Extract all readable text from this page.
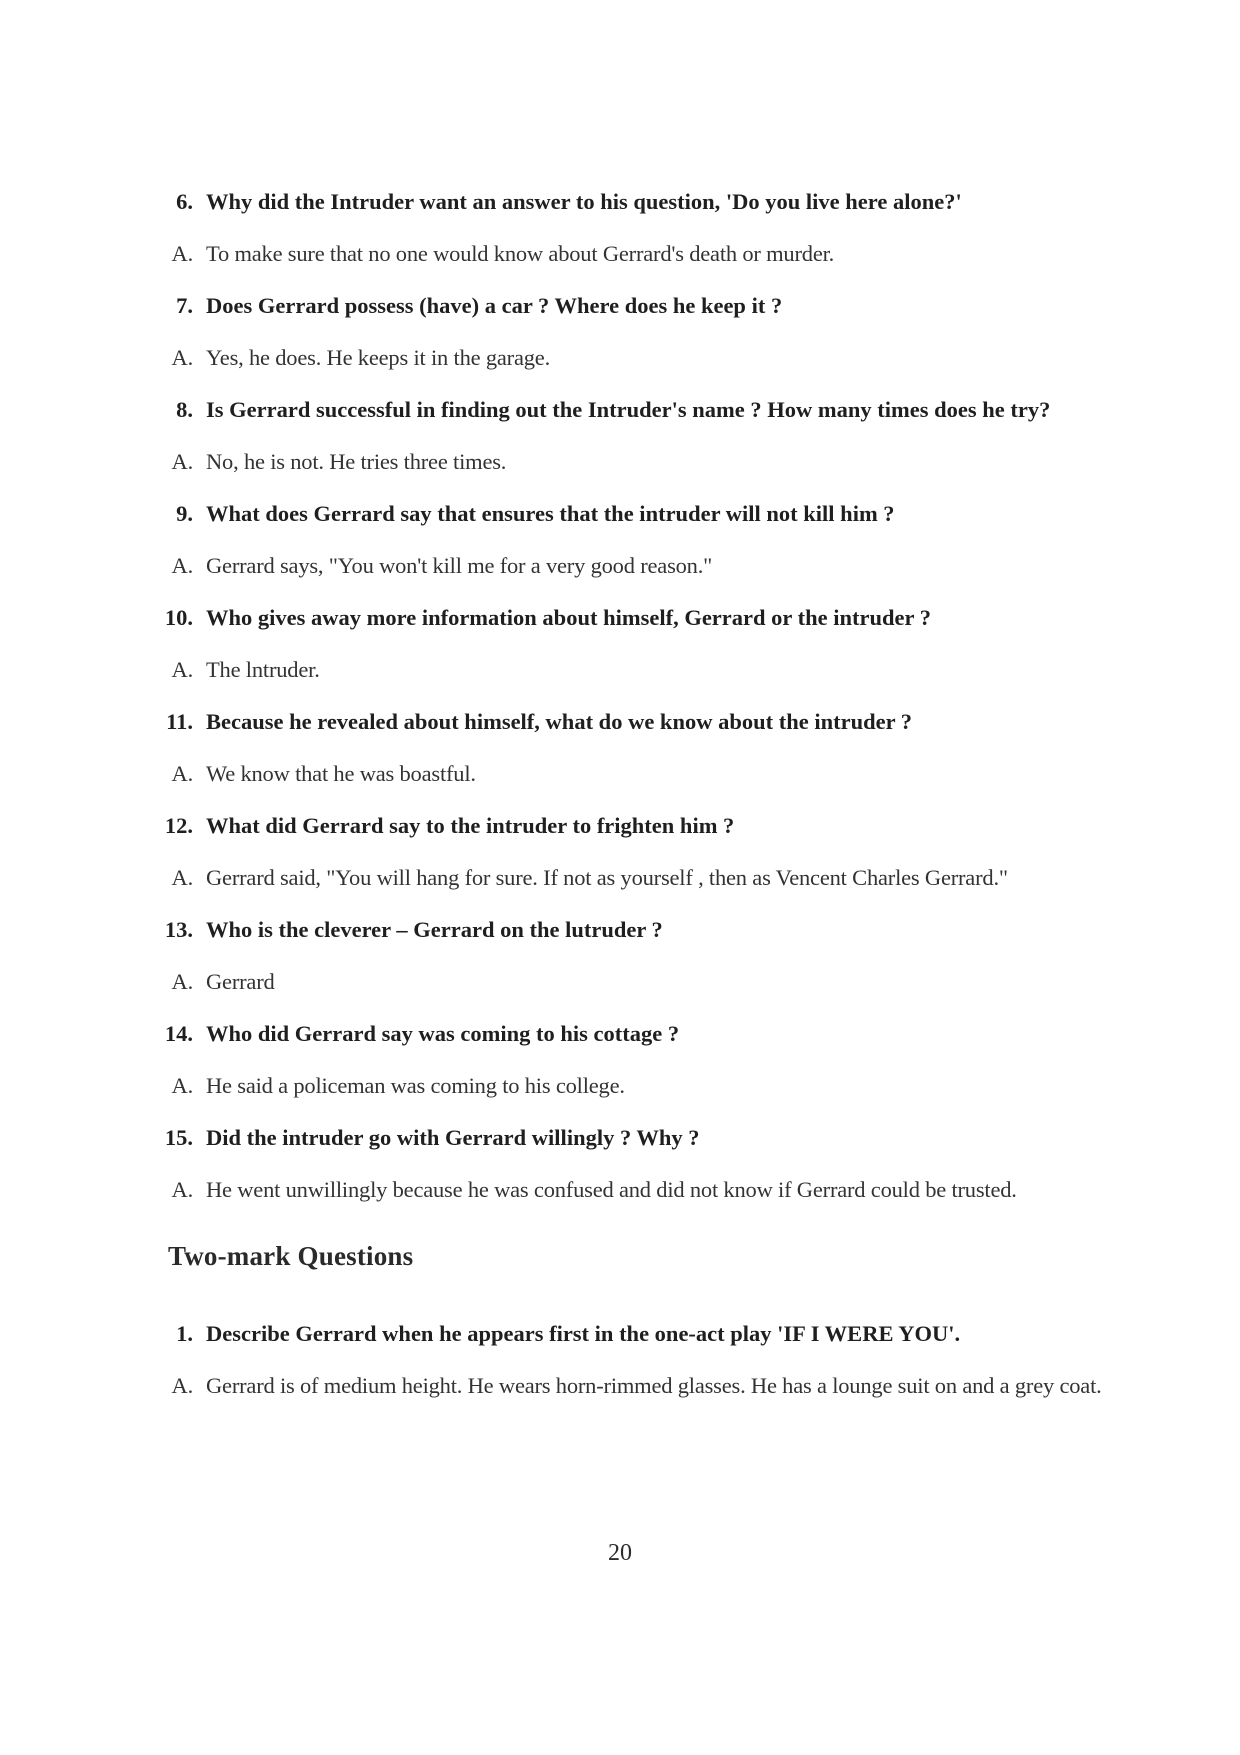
6. Why did the Intruder want an answer to his question, 'Do you live here alone?'
A. To make sure that no one would know about Gerrard's death or murder.
7. Does Gerrard possess (have) a car ? Where does he keep it ?
A. Yes, he does. He keeps it in the garage.
8. Is Gerrard successful in finding out the Intruder's name ? How many times does he try?
A. No, he is not. He tries three times.
9. What does Gerrard say that ensures that the intruder will not kill him ?
A. Gerrard says, "You won't kill me for a very good reason."
10. Who gives away more information about himself, Gerrard or the intruder ?
A. The lntruder.
11. Because he revealed about himself, what do we know about the intruder ?
A. We know that he was boastful.
12. What did Gerrard say to the intruder to frighten him ?
A. Gerrard said, "You will hang for sure. If not as yourself , then as Vencent Charles Gerrard."
13. Who is the cleverer – Gerrard on the lutruder ?
A. Gerrard
14. Who did Gerrard say was coming to his cottage ?
A. He said a policeman was coming to his college.
15. Did the intruder go with Gerrard willingly ? Why ?
A. He went unwillingly because he was confused and did not know if Gerrard could be trusted.
Two-mark Questions
1. Describe Gerrard when he appears first in the one-act play 'IF I WERE YOU'.
A. Gerrard is of medium height. He wears horn-rimmed glasses. He has a lounge suit on and a grey coat.
20
